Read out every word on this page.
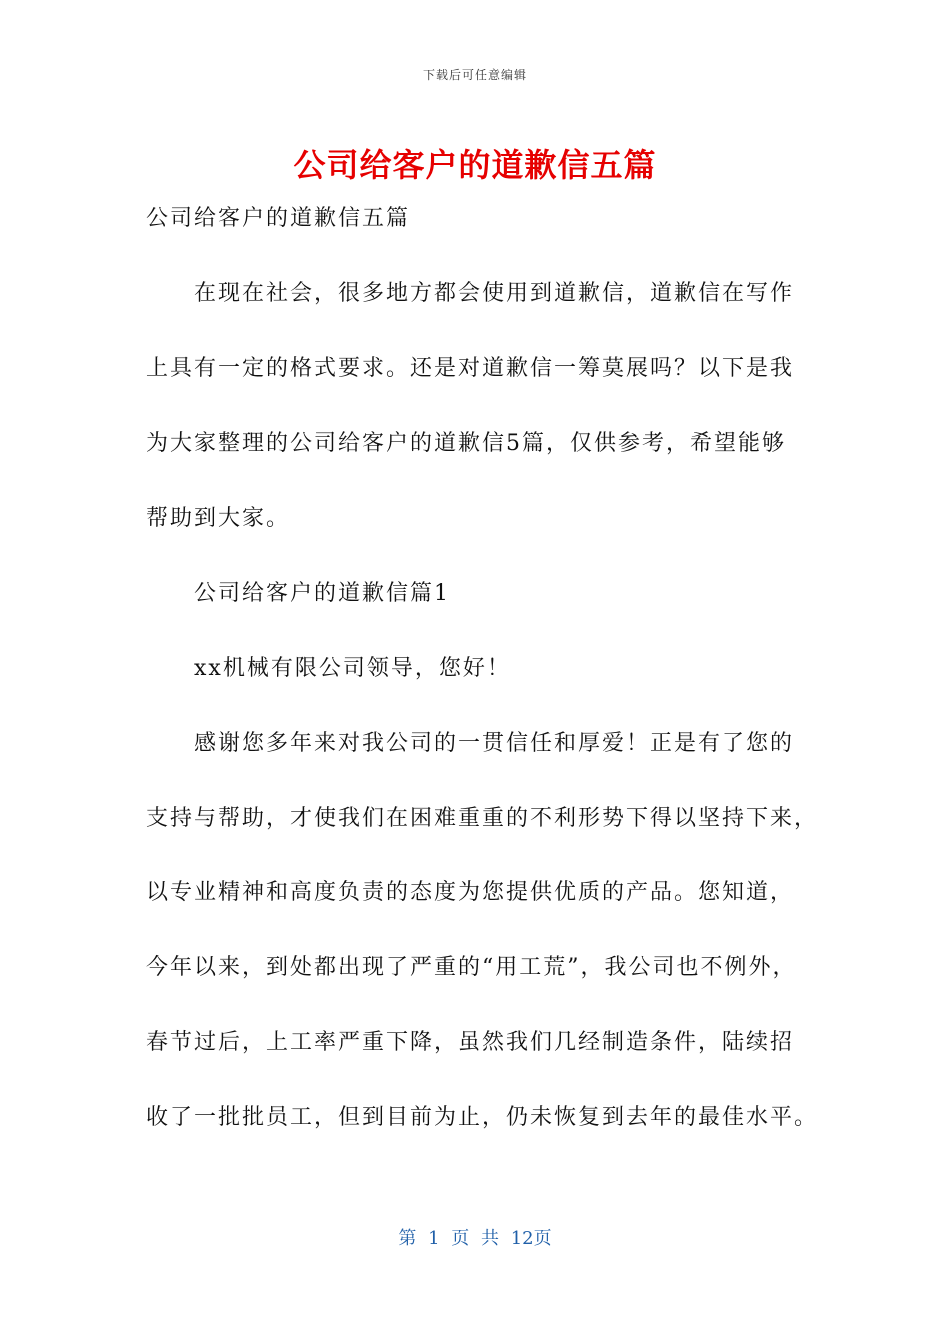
下载后可任意编辑
公司给客户的道歉信五篇
公司给客户的道歉信五篇
在现在社会，很多地方都会使用到道歉信，道歉信在写作
上具有一定的格式要求。还是对道歉信一筹莫展吗？以下是我
为大家整理的公司给客户的道歉信5篇，仅供参考，希望能够
帮助到大家。
公司给客户的道歉信篇1
xx机械有限公司领导，您好！
感谢您多年来对我公司的一贯信任和厚爱！正是有了您的
支持与帮助，才使我们在困难重重的不利形势下得以坚持下来，
以专业精神和高度负责的态度为您提供优质的产品。您知道，
今年以来，到处都出现了严重的“用工荒”，我公司也不例外，
春节过后，上工率严重下降，虽然我们几经制造条件，陆续招
收了一批批员工，但到目前为止，仍未恢复到去年的最佳水平。
第 1 页 共 12页
